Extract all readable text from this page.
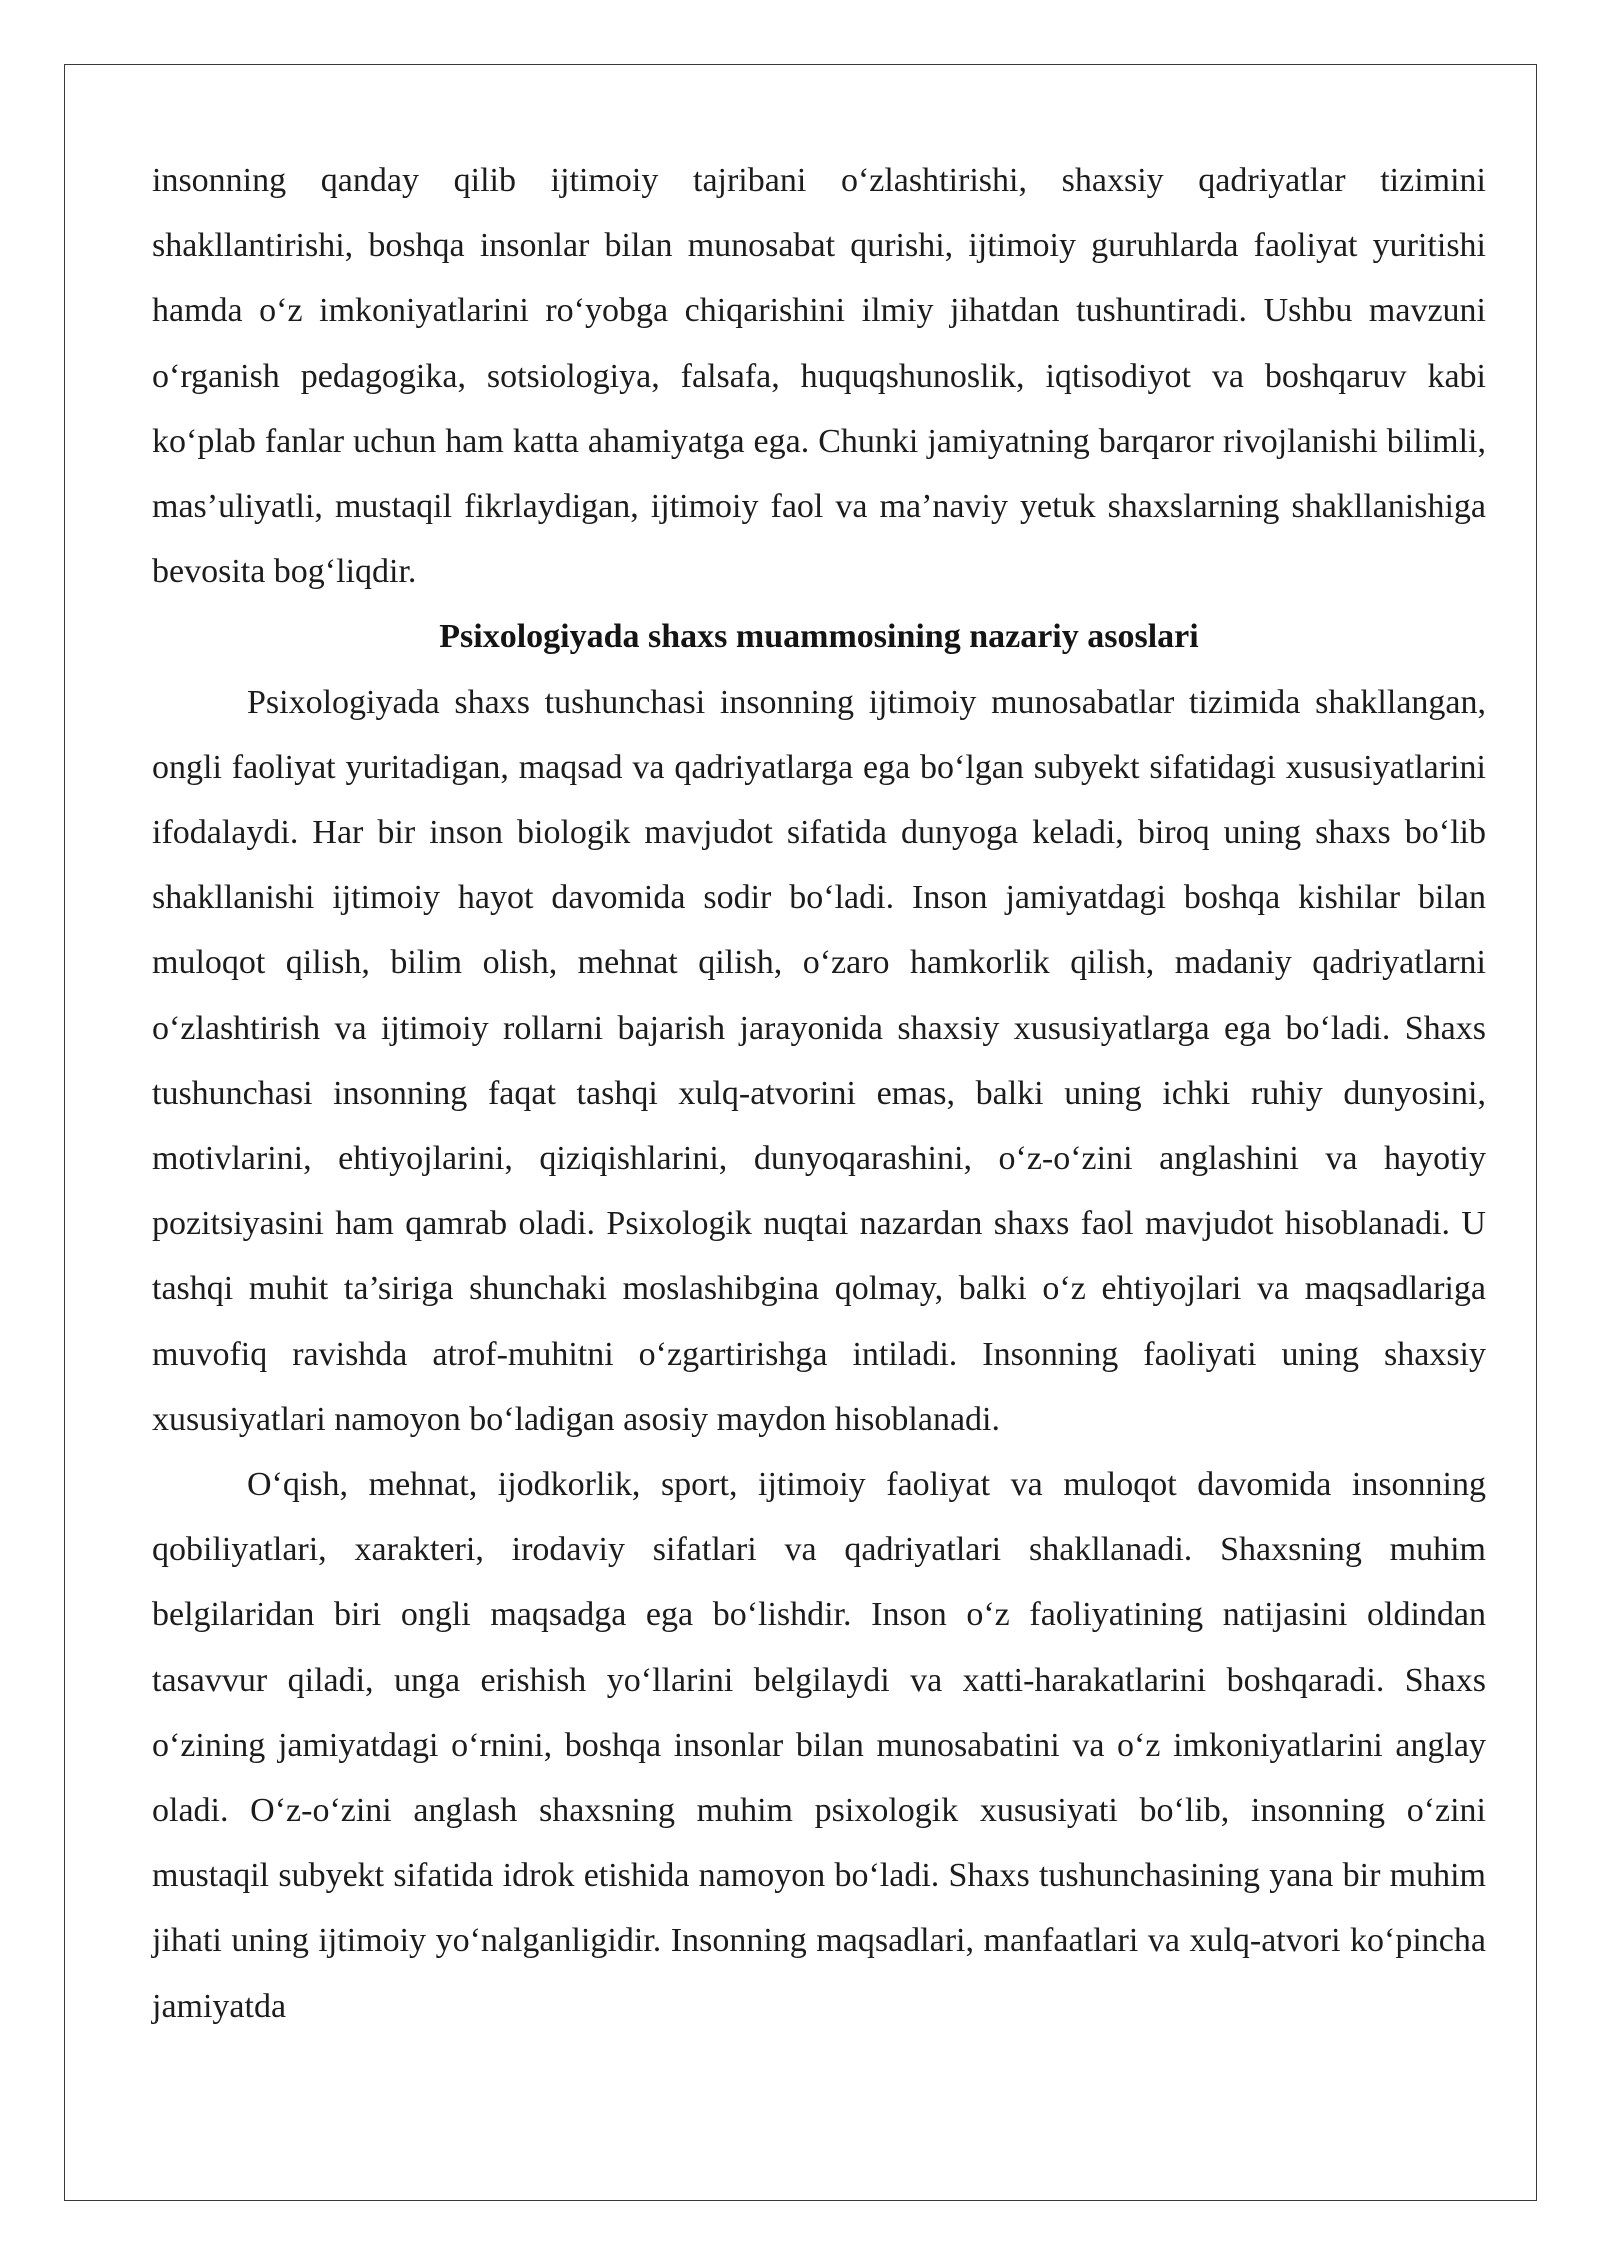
insonning qanday qilib ijtimoiy tajribani o‘zlashtirishi, shaxsiy qadriyatlar tizimini shakllantirishi, boshqa insonlar bilan munosabat qurishi, ijtimoiy guruhlarda faoliyat yuritishi hamda o‘z imkoniyatlarini ro‘yobga chiqarishini ilmiy jihatdan tushuntiradi. Ushbu mavzuni o‘rganish pedagogika, sotsiologiya, falsafa, huquqshunoslik, iqtisodiyot va boshqaruv kabi ko‘plab fanlar uchun ham katta ahamiyatga ega. Chunki jamiyatning barqaror rivojlanishi bilimli, mas’uliyatli, mustaqil fikrlaydigan, ijtimoiy faol va ma’naviy yetuk shaxslarning shakllanishiga bevosita bog‘liqdir.

Psixologiyada shaxs muammosining nazariy asoslari

Psixologiyada shaxs tushunchasi insonning ijtimoiy munosabatlar tizimida shakllangan, ongli faoliyat yuritadigan, maqsad va qadriyatlarga ega bo‘lgan subyekt sifatidagi xususiyatlarini ifodalaydi. Har bir inson biologik mavjudot sifatida dunyoga keladi, biroq uning shaxs bo‘lib shakllanishi ijtimoiy hayot davomida sodir bo‘ladi. Inson jamiyatdagi boshqa kishilar bilan muloqot qilish, bilim olish, mehnat qilish, o‘zaro hamkorlik qilish, madaniy qadriyatlarni o‘zlashtirish va ijtimoiy rollarni bajarish jarayonida shaxsiy xususiyatlarga ega bo‘ladi. Shaxs tushunchasi insonning faqat tashqi xulq-atvorini emas, balki uning ichki ruhiy dunyosini, motivlarini, ehtiyojlarini, qiziqishlarini, dunyoqarashini, o‘z-o‘zini anglashini va hayotiy pozitsiyasini ham qamrab oladi. Psixologik nuqtai nazardan shaxs faol mavjudot hisoblanadi. U tashqi muhit ta’siriga shunchaki moslashibgina qolmay, balki o‘z ehtiyojlari va maqsadlariga muvofiq ravishda atrof-muhitni o‘zgartirishga intiladi. Insonning faoliyati uning shaxsiy xususiyatlari namoyon bo‘ladigan asosiy maydon hisoblanadi.

O‘qish, mehnat, ijodkorlik, sport, ijtimoiy faoliyat va muloqot davomida insonning qobiliyatlari, xarakteri, irodaviy sifatlari va qadriyatlari shakllanadi. Shaxsning muhim belgilaridan biri ongli maqsadga ega bo‘lishdir. Inson o‘z faoliyatining natijasini oldindan tasavvur qiladi, unga erishish yo‘llarini belgilaydi va xatti-harakatlarini boshqaradi. Shaxs o‘zining jamiyatdagi o‘rnini, boshqa insonlar bilan munosabatini va o‘z imkoniyatlarini anglay oladi. O‘z-o‘zini anglash shaxsning muhim psixologik xususiyati bo‘lib, insonning o‘zini mustaqil subyekt sifatida idrok etishida namoyon bo‘ladi. Shaxs tushunchasining yana bir muhim jihati uning ijtimoiy yo‘nalganligidir. Insonning maqsadlari, manfaatlari va xulq-atvori ko‘pincha jamiyatda
